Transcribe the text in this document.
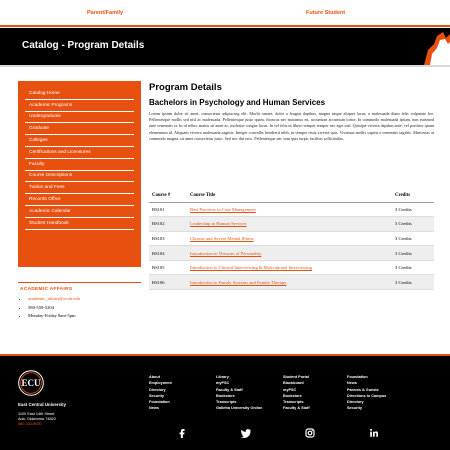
Parent/Family	Future Student
Catalog - Program Details
Catalog Home
Academic Programs
Undergraduate
Graduate
Colleges
Certifications and Licensures
Faculty
Course Descriptions
Tuition and Fees
Records Office
Academic Calendar
Student Handbook
ACADEMIC AFFAIRS
• academic_affairs@ecok.edu
• 580-559-5204
• Monday-Friday 8am-5pm
Program Details
Bachelors in Psychology and Human Services

Lorem ipsum dolor sit amet, consectetur adipiscing elit. Morbi ornare, dolor a feugiat dapibus, magna neque aliquet lacus, a malesuada diam felis vulputate leo. Pellentesque mollis sed nisl ac malesuada. Pellentesque justo quam, rhoncus nec maximus eu, accumsan accumsan tortor. In commodo malesuada ipsum, non euismod ante venenatis et. In id tellus, mattis sit amet ac, molestie congue lacus. In vel felis ut libero semper tempor nec eget nisl. Quisque viverra dapibus ante, vel porttitor quam elementum id. Aliquam viverra malesuada sagittis. Integer convallis hendrerit nibh, in semper risus viverra quis. Vivamus mollis sapien a venenatis sagittis. Maecenas at commodo magna, sit amet consectetur justo. Sed nec dui eros. Pellentesque nec sem quis turpis facilisis sollicitudin.

Course #	Course Title	Credits
BS101	Best Practices in Case Management	3 Credits
BS102	Leadership in Human Services	3 Credits
BS103	Chronic and Severe Mental Illness	3 Credits
BS104	Introduction to Theories of Personality	3 Credits
BS105	Introduction to Clinical Interviewing & Motivational Interviewing	3 Credits
BS106	Introduction to Family Systems and Family Therapy	3 Credits
ECU
East Central University
1100 East 14th Street
Ada, Oklahoma 74820
580-332-8000
About
Employment
Directory
Security
Foundation
News
Library
myPSC
Faculty & Staff
Bookstore
Transcripts
Galletta University Online
Student Portal
Blackboard
myPSC
Bookstore
Transcripts
Faculty & Staff
Foundation
News
Parents & Guests
Directions to Campus
Directory
Security
